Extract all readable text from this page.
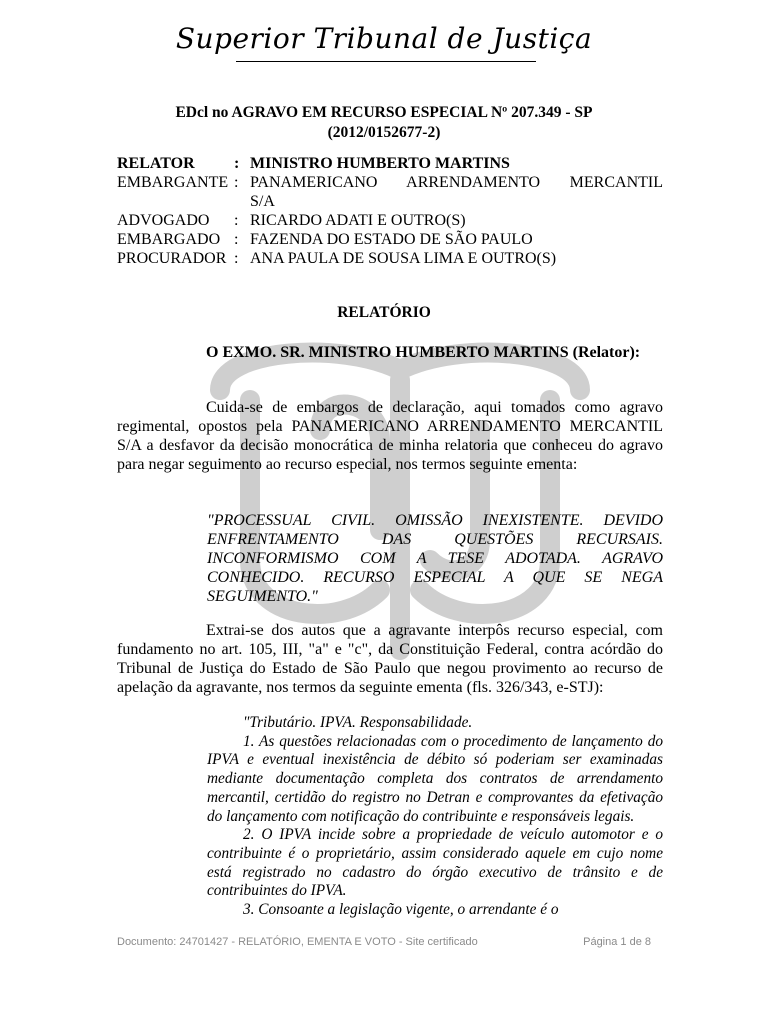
Superior Tribunal de Justiça
EDcl no AGRAVO EM RECURSO ESPECIAL Nº 207.349 - SP
(2012/0152677-2)
RELATOR	:	MINISTRO HUMBERTO MARTINS
EMBARGANTE	:	PANAMERICANO ARRENDAMENTO MERCANTIL
S/A
ADVOGADO	:	RICARDO ADATI E OUTRO(S)
EMBARGADO	:	FAZENDA DO ESTADO DE SÃO PAULO
PROCURADOR	:	ANA PAULA DE SOUSA LIMA E OUTRO(S)
RELATÓRIO
O EXMO. SR. MINISTRO HUMBERTO MARTINS (Relator):
Cuida-se de embargos de declaração, aqui tomados como agravo regimental, opostos pela PANAMERICANO ARRENDAMENTO MERCANTIL S/A a desfavor da decisão monocrática de minha relatoria que conheceu do agravo para negar seguimento ao recurso especial, nos termos seguinte ementa:
"PROCESSUAL CIVIL. OMISSÃO INEXISTENTE. DEVIDO ENFRENTAMENTO DAS QUESTÕES RECURSAIS. INCONFORMISMO COM A TESE ADOTADA. AGRAVO CONHECIDO. RECURSO ESPECIAL A QUE SE NEGA SEGUIMENTO."
Extrai-se dos autos que a agravante interpôs recurso especial, com fundamento no art. 105, III, "a" e "c", da Constituição Federal, contra acórdão do Tribunal de Justiça do Estado de São Paulo que negou provimento ao recurso de apelação da agravante, nos termos da seguinte ementa (fls. 326/343, e-STJ):
"Tributário. IPVA. Responsabilidade.
1. As questões relacionadas com o procedimento de lançamento do IPVA e eventual inexistência de débito só poderiam ser examinadas mediante documentação completa dos contratos de arrendamento mercantil, certidão do registro no Detran e comprovantes da efetivação do lançamento com notificação do contribuinte e responsáveis legais.
2. O IPVA incide sobre a propriedade de veículo automotor e o contribuinte é o proprietário, assim considerado aquele em cujo nome está registrado no cadastro do órgão executivo de trânsito e de contribuintes do IPVA.
3. Consoante a legislação vigente, o arrendante é o
Documento: 24701427 - RELATÓRIO, EMENTA E VOTO - Site certificado	Página 1 de 8
